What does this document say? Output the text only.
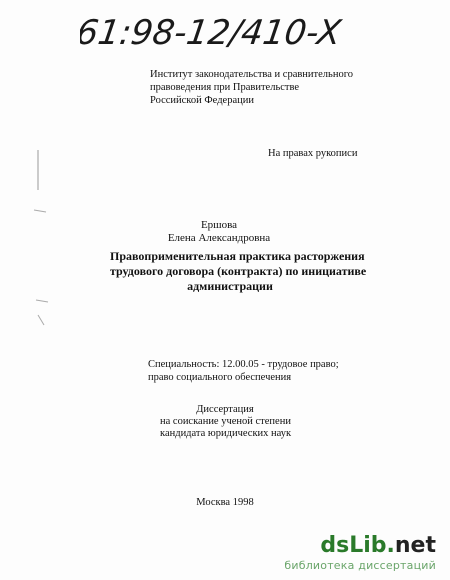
61:98-12/410-X
Институт законодательства и сравнительного
правоведения при Правительстве
Российской Федерации
На правах рукописи
Ершова
Елена Александровна
Правоприменительная практика расторжения
трудового договора (контракта) по инициативе
администрации
Специальность: 12.00.05 - трудовое право;
право социального обеспечения
Диссертация
на соискание ученой степени
кандидата юридических наук
Москва 1998
dsLib.net
библиотека диссертаций
